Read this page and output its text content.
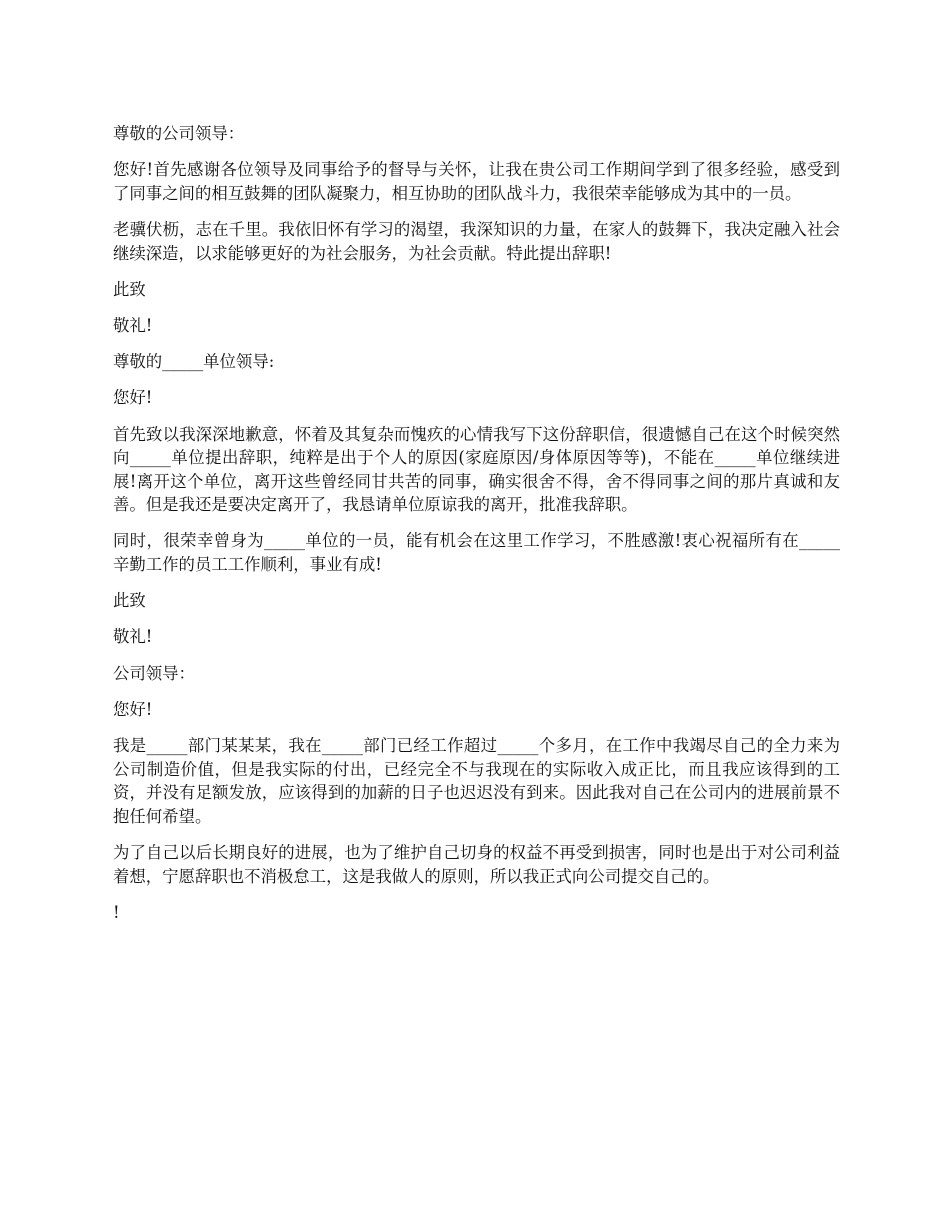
尊敬的公司领导：

您好!首先感谢各位领导及同事给予的督导与关怀，让我在贵公司工作期间学到了很多经验，感受到了同事之间的相互鼓舞的团队凝聚力，相互协助的团队战斗力，我很荣幸能够成为其中的一员。

老骥伏枥，志在千里。我依旧怀有学习的渴望，我深知识的力量，在家人的鼓舞下，我决定融入社会继续深造，以求能够更好的为社会服务，为社会贡献。特此提出辞职!

此致

敬礼!

尊敬的_____单位领导:

您好!

首先致以我深深地歉意，怀着及其复杂而愧疚的心情我写下这份辞职信，很遗憾自己在这个时候突然向_____单位提出辞职，纯粹是出于个人的原因(家庭原因/身体原因等等)，不能在_____单位继续进展!离开这个单位，离开这些曾经同甘共苦的同事，确实很舍不得，舍不得同事之间的那片真诚和友善。但是我还是要决定离开了，我恳请单位原谅我的离开，批准我辞职。

同时，很荣幸曾身为_____单位的一员，能有机会在这里工作学习，不胜感激!衷心祝福所有在_____辛勤工作的员工工作顺利，事业有成!

此致

敬礼!

公司领导：

您好!

我是_____部门某某某，我在_____部门已经工作超过_____个多月，在工作中我竭尽自己的全力来为公司制造价值，但是我实际的付出，已经完全不与我现在的实际收入成正比，而且我应该得到的工资，并没有足额发放，应该得到的加薪的日子也迟迟没有到来。因此我对自己在公司内的进展前景不抱任何希望。

为了自己以后长期良好的进展，也为了维护自己切身的权益不再受到损害，同时也是出于对公司利益着想，宁愿辞职也不消极怠工，这是我做人的原则，所以我正式向公司提交自己的。

!
